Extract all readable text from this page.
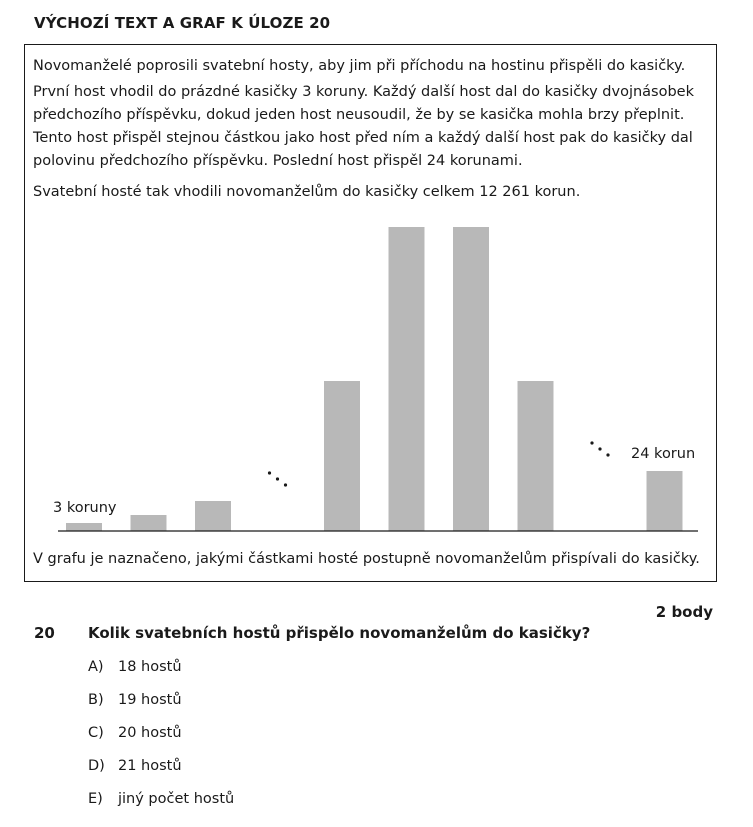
VÝCHOZÍ TEXT A GRAF K ÚLOZE 20

Novomanželé poprosili svatební hosty, aby jim při příchodu na hostinu přispěli do kasičky.

První host vhodil do prázdné kasičky 3 koruny. Každý další host dal do kasičky dvojnásobek
předchozího příspěvku, dokud jeden host neusoudil, že by se kasička mohla brzy přeplnit.
Tento host přispěl stejnou částkou jako host před ním a každý další host pak do kasičky dal
polovinu předchozího příspěvku. Poslední host přispěl 24 korunami.

Svatební hosté tak vhodili novomanželům do kasičky celkem 12 261 korun.

3 koruny
24 korun
V grafu je naznačeno, jakými částkami hosté postupně novomanželům přispívali do kasičky.
2 body
20 Kolik svatebních hostů přispělo novomanželům do kasičky?
A) 18 hostů
B) 19 hostů
C) 20 hostů
D) 21 hostů
E) jiný počet hostů
